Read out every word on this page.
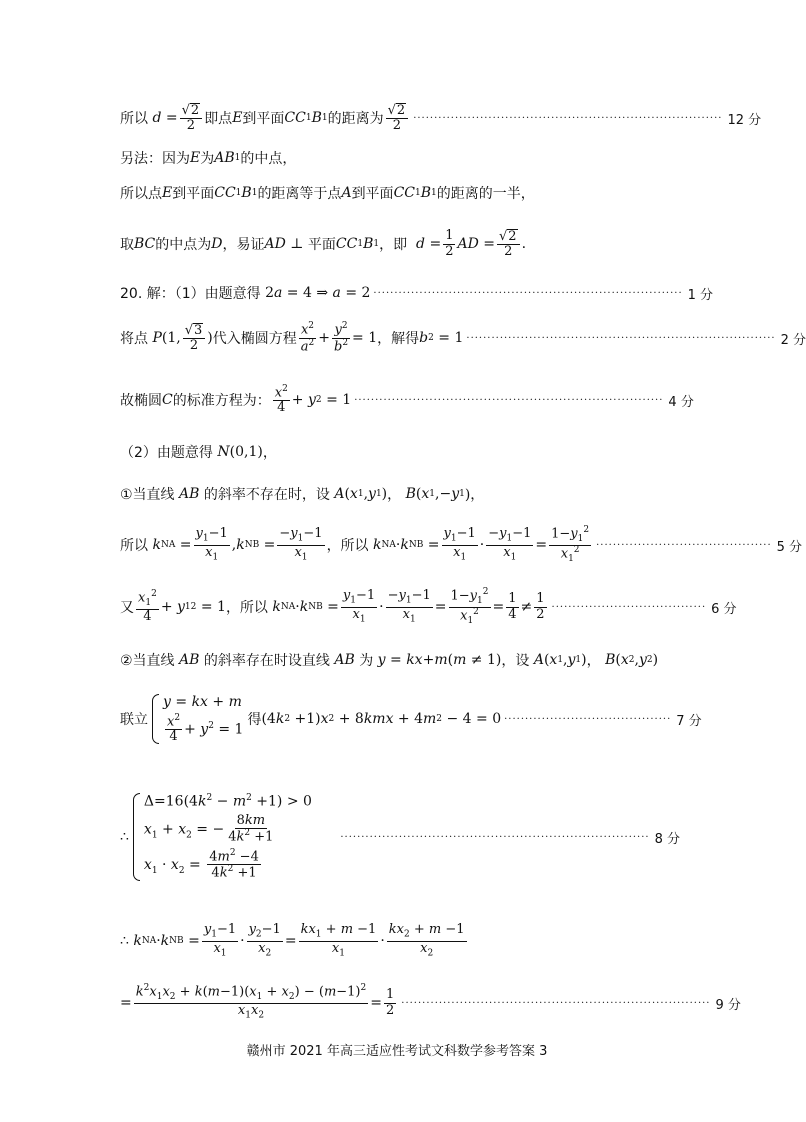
所以 $d = \frac{√ 2}{2}$ 即点 E 到平面 CC 1 B 1 的距离为 $\frac{√ 2}{2}$ ·········································································· 12 分
另法：因为 E 为 AB 1 的中点，
所以点 E 到平面 CC 1 B 1 的距离等于点 A 到平面 CC 1 B 1 的距离的一半，
取 BC 的中点为 D ，易证 AD ⊥ 平面 CC 1 B 1 ，即
$d = \frac{1}{2}$ AD = $\frac{√ 2}{2}$ .
20. 解：（1）由题意得 2 a = 4 ⇒ a = 2 ·········································································· 1 分
将点
P (1, $\frac{√ 3}{2}$ ) 代入椭圆方程 $\frac{x^2}{a^2} + \frac{y^2}{b^2} = 1$ ，解得 b 2 = 1 ·········································································· 2 分
故椭圆 C 的标准方程为： $\frac{x^2}{4} + y$ 2 = 1 ·········································································· 4 分
（2）由题意得
N (0,1) ，
①当直线
AB
的斜率不存在时，设
A ( x 1 , y 1 ) ，
B ( x 1 ,− y 1 )，
所以
k NA = $\frac{y_1-1}{x_1}$ , k NB = $\frac{-y_1-1}{x_1}$ ，所以
k NA · k NB = $\frac{y_1-1}{x_1} \cdot \frac{-y_1-1}{x_1} = \frac{1-y_1^2}{x_1^2}$ ·········································· 5 分
又 $\frac{x_1^2}{4} + y$ 1 2 = 1 ，所以
k NA · k NB = $\frac{y_1-1}{x_1} \cdot \frac{-y_1-1}{x_1} = \frac{1-y_1^2}{x_1^2} = \frac{1}{4} \ne \frac{1}{2}$ ····································· 6 分
②当直线
AB
的斜率存在时设直线
AB
为
y = kx + m ( m ≠ 1) ，设
A ( x 1 , y 1 ) ，
B ( x 2 , y 2 )
联立
y = kx + m
$\frac{x^2}{4} + y^2 = 1$
得 (4 k 2 +1) x 2 + 8 kmx + 4 m 2 − 4 = 0 ········································ 7 分
∴
$\Delta=16(4k^2 - m^2 +1) > 0$
$x_1 + x_2$ = − $\frac{8km}{4k^2 +1}$
$x_1 \cdot x_2 = \frac{4m^2 -4}{4k^2 +1}$
·········································································· 8 分
∴ k NA · k NB = $\frac{y_1-1}{x_1} \cdot \frac{y_2-1}{x_2} = \frac{kx_1 + m -1}{x_1} \cdot \frac{kx_2 + m -1}{x_2}$
= $\frac{k^2x_1x_2 + k(m-1)(x_1 + x_2) - (m-1)^2}{x_1x_2} = \frac{1}{2}$ ·········································································· 9 分
赣州市 2021 年高三适应性考试文科数学参考答案 3
